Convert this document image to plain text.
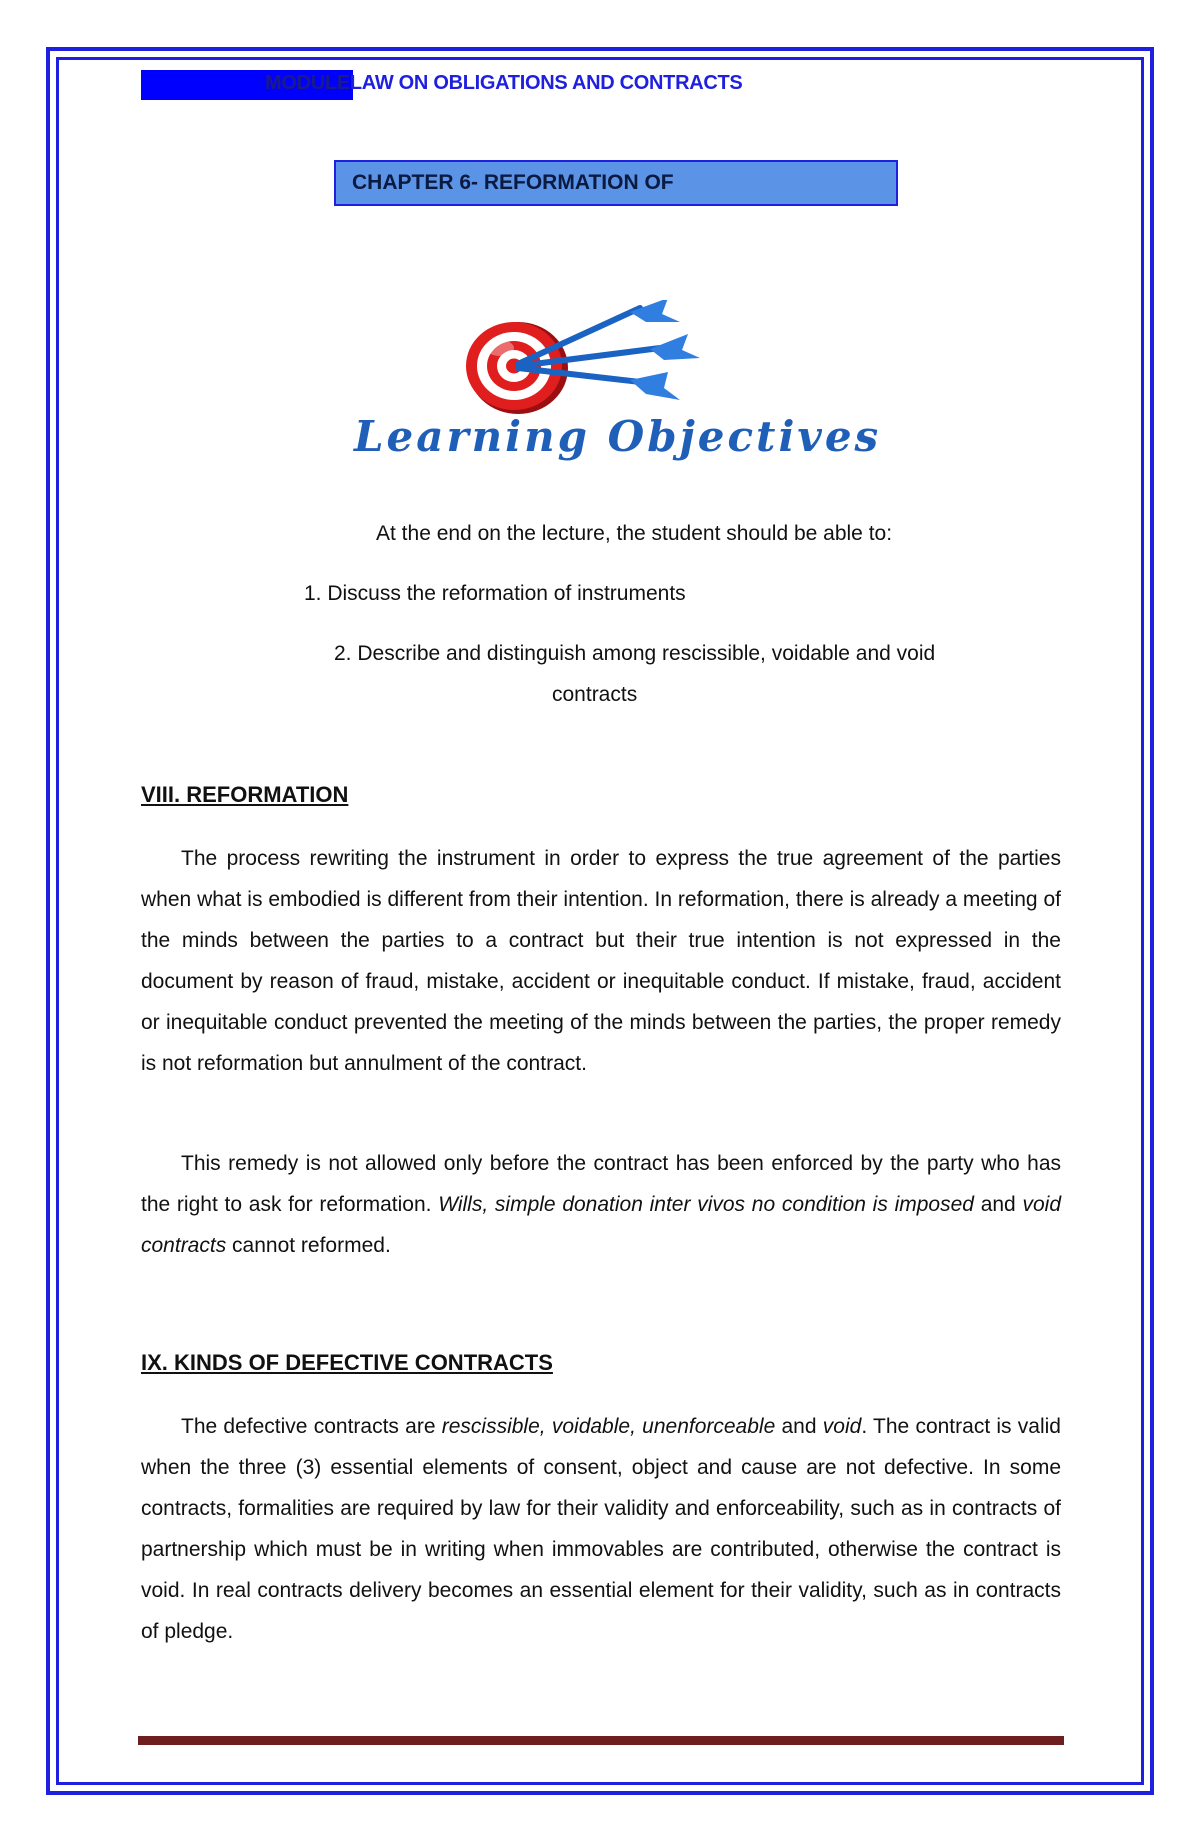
MODULELAW ON OBLIGATIONS AND CONTRACTS
CHAPTER 6- REFORMATION OF
Learning Objectives
At the end on the lecture, the student should be able to:
1. Discuss the reformation of instruments
2. Describe and distinguish among rescissible, voidable and void
contracts
VIII. REFORMATION

The process rewriting the instrument in order to express the true agreement of the parties when what is embodied is different from their intention. In reformation, there is already a meeting of the minds between the parties to a contract but their true intention is not expressed in the document by reason of fraud, mistake, accident or inequitable conduct. If mistake, fraud, accident or inequitable conduct prevented the meeting of the minds between the parties, the proper remedy is not reformation but annulment of the contract.

This remedy is not allowed only before the contract has been enforced by the party who has the right to ask for reformation. Wills, simple donation inter vivos no condition is imposed and void contracts cannot reformed.

IX. KINDS OF DEFECTIVE CONTRACTS

The defective contracts are rescissible, voidable, unenforceable and void. The contract is valid when the three (3) essential elements of consent, object and cause are not defective. In some contracts, formalities are required by law for their validity and enforceability, such as in contracts of partnership which must be in writing when immovables are contributed, otherwise the contract is void. In real contracts delivery becomes an essential element for their validity, such as in contracts of pledge.
